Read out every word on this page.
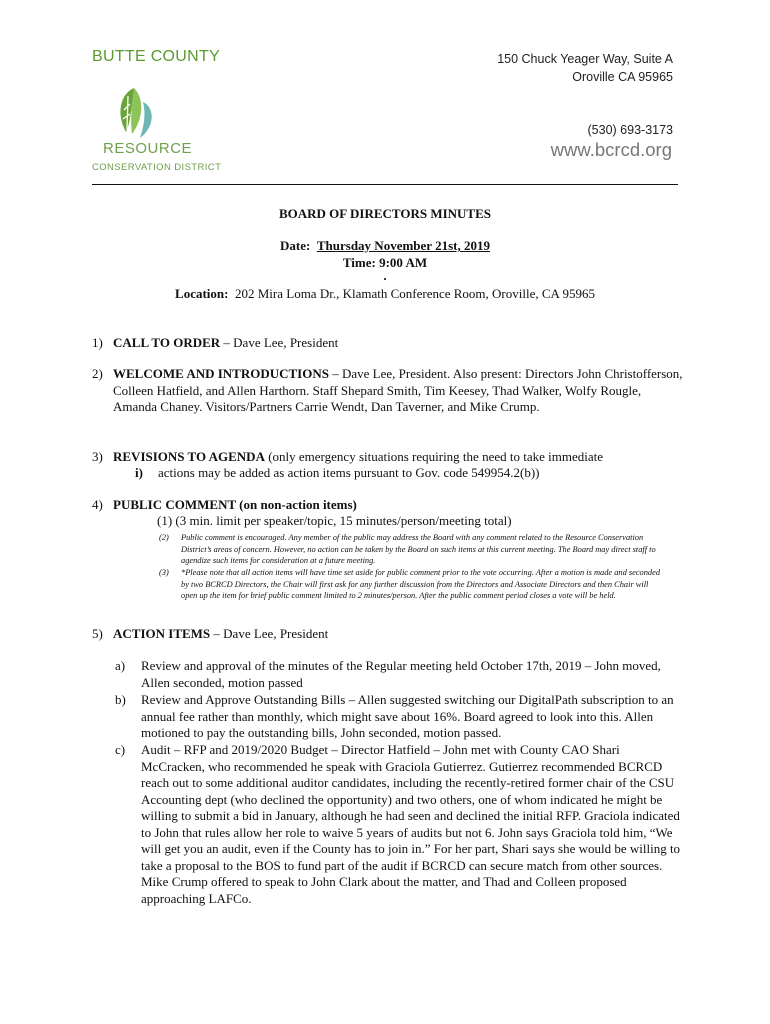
BUTTE COUNTY
RESOURCE
CONSERVATION DISTRICT
150 Chuck Yeager Way, Suite A
Oroville CA 95965
(530) 693-3173
www.bcrcd.org
BOARD OF DIRECTORS MINUTES
Date: Thursday November 21st, 2019
Time: 9:00 AM
.
Location: 202 Mira Loma Dr., Klamath Conference Room, Oroville, CA 95965
1) CALL TO ORDER – Dave Lee, President
2) WELCOME AND INTRODUCTIONS – Dave Lee, President. Also present: Directors John Christofferson, Colleen Hatfield, and Allen Harthorn. Staff Shepard Smith, Tim Keesey, Thad Walker, Wolfy Rougle, Amanda Chaney. Visitors/Partners Carrie Wendt, Dan Taverner, and Mike Crump.
3) REVISIONS TO AGENDA (only emergency situations requiring the need to take immediate
i) actions may be added as action items pursuant to Gov. code 549954.2(b))
4) PUBLIC COMMENT (on non-action items)
(1) (3 min. limit per speaker/topic, 15 minutes/person/meeting total)
(2) Public comment is encouraged. Any member of the public may address the Board with any comment related to the Resource Conservation District’s areas of concern. However, no action can be taken by the Board on such items at this current meeting. The Board may direct staff to agendize such items for consideration at a future meeting.
(3) *Please note that all action items will have time set aside for public comment prior to the vote occurring. After a motion is made and seconded by two BCRCD Directors, the Chair will first ask for any further discussion from the Directors and Associate Directors and then Chair will open up the item for brief public comment limited to 2 minutes/person. After the public comment period closes a vote will be held.
5) ACTION ITEMS – Dave Lee, President
a) Review and approval of the minutes of the Regular meeting held October 17th, 2019 – John moved, Allen seconded, motion passed
b) Review and Approve Outstanding Bills – Allen suggested switching our DigitalPath subscription to an annual fee rather than monthly, which might save about 16%. Board agreed to look into this. Allen motioned to pay the outstanding bills, John seconded, motion passed.
c) Audit – RFP and 2019/2020 Budget – Director Hatfield – John met with County CAO Shari McCracken, who recommended he speak with Graciola Gutierrez. Gutierrez recommended BCRCD reach out to some additional auditor candidates, including the recently-retired former chair of the CSU Accounting dept (who declined the opportunity) and two others, one of whom indicated he might be willing to submit a bid in January, although he had seen and declined the initial RFP. Graciola indicated to John that rules allow her role to waive 5 years of audits but not 6. John says Graciola told him, “We will get you an audit, even if the County has to join in.” For her part, Shari says she would be willing to take a proposal to the BOS to fund part of the audit if BCRCD can secure match from other sources. Mike Crump offered to speak to John Clark about the matter, and Thad and Colleen proposed approaching LAFCo.
